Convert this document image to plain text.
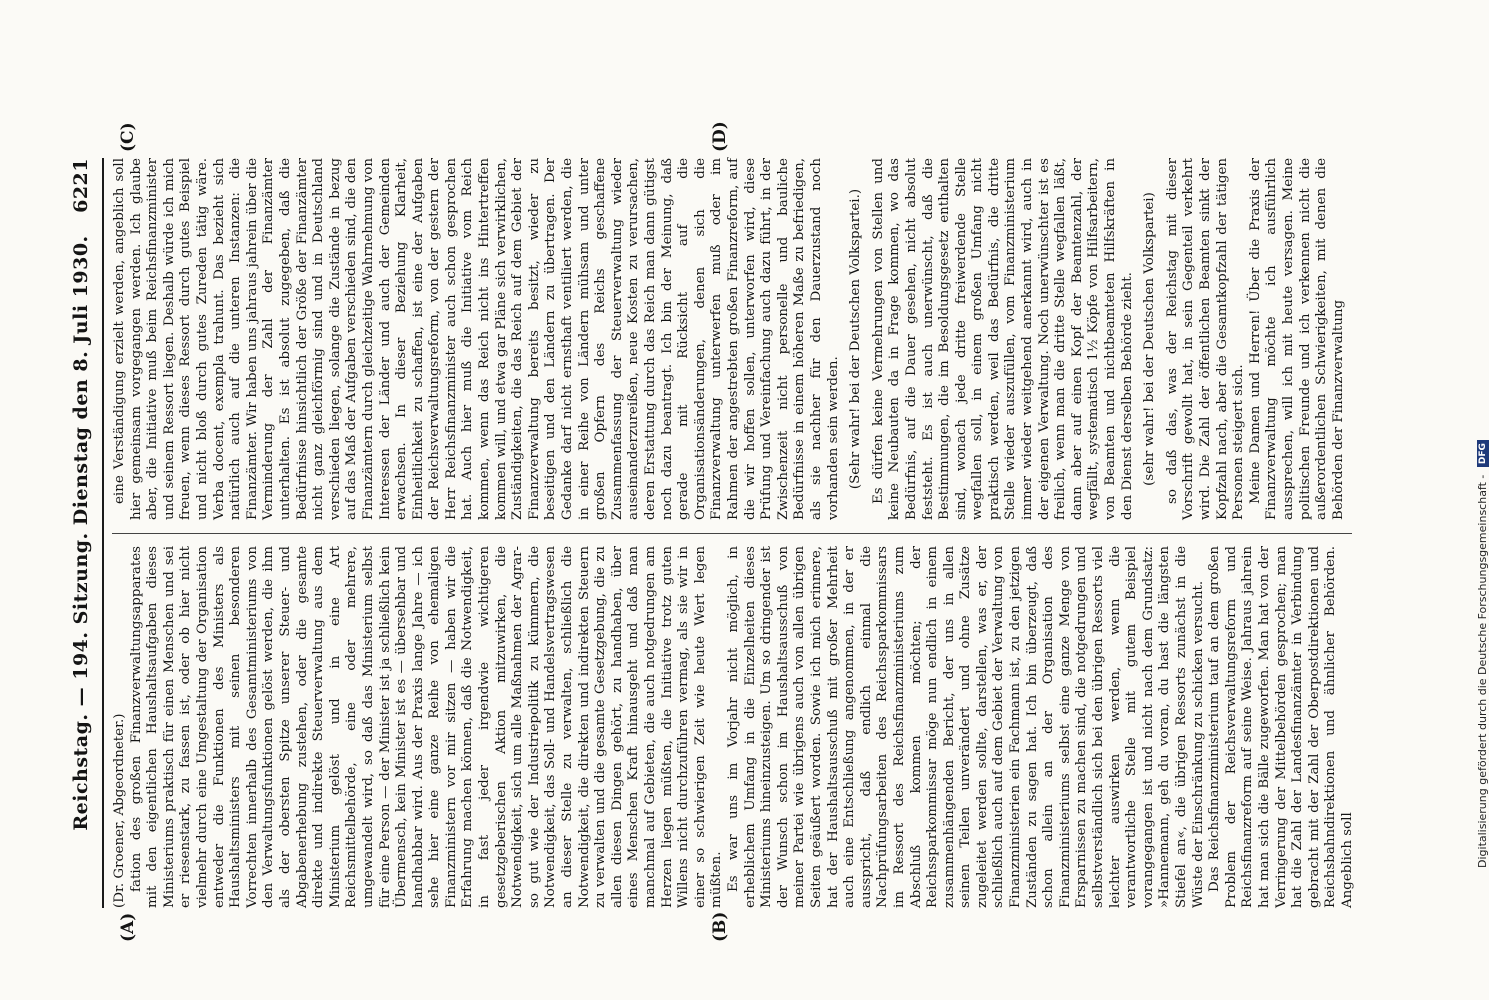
Reichstag. — 194. Sitzung. Dienstag den 8. Juli 1930.
6221
(A)	(B)
(C)	(D)

(Dr. Groener, Abgeordneter.) fation des großen Finanzverwaltungsapparates mit den eigentlichen Haushaltsaufgaben dieses Ministeriums praktisch für einen Menschen und sei er riesenstark, zu fassen ist, oder ob hier nicht vielmehr durch eine Umgestaltung der Organisation entweder die Funktionen des Ministers als Haushaltsministers mit seinen besonderen Vorrechten innerhalb des Gesamtministeriums von den Verwaltungsfunktionen gelöst werden, die ihm als der obersten Spitze unserer Steuer- und Abgabenerhebung zustehen, oder die gesamte direkte und indirekte Steuerverwaltung aus dem Ministerium gelöst und in eine Art Reichsmittelbehörde, eine oder mehrere, umgewandelt wird, so daß das Ministerium selbst für eine Person — der Minister ist ja schließlich kein Übermensch, kein Minister ist es — übersehbar und handhabbar wird. Aus der Praxis lange Jahre — ich sehe hier eine ganze Reihe von ehemaligen Finanzministern vor mir sitzen — haben wir die Erfahrung machen können, daß die Notwendigkeit, in fast jeder irgendwie wichtigeren gesetzgeberischen Aktion mitzuwirken, die Notwendigkeit, sich um alle Maßnahmen der Agrar- so gut wie der Industriepolitik zu kümmern, die Notwendigkeit, das Soll- und Handelsvertragswesen an dieser Stelle zu verwalten, schließlich die Notwendigkeit, die direkten und indirekten Steuern zu verwalten und die gesamte Gesetzgebung, die zu allen diesen Dingen gehört, zu handhaben, über eines Menschen Kraft hinausgeht und daß man manchmal auf Gebieten, die auch notgedrungen am Herzen liegen müßten, die Initiative trotz guten Willens nicht durchzuführen vermag, als sie wir in einer so schwierigen Zeit wie heute Wert legen müßten. Es war uns im Vorjahr nicht möglich, in erheblichem Umfang in die Einzelheiten dieses Ministeriums hineinzusteigen. Um so dringender ist der Wunsch schon im Haushaltsausschuß von meiner Partei wie übrigens auch von allen übrigen Seiten geäußert worden. Sowie ich mich erinnere, hat der Haushaltsausschuß mit großer Mehrheit auch eine Entschließung angenommen, in der er ausspricht, daß endlich einmal die Nachprüfungsarbeiten des Reichssparkommissars im Ressort des Reichsfinanzministeriums zum Abschluß kommen möchten; der Reichssparkommissar möge nun endlich in einem zusammenhängenden Bericht, der uns in allen seinen Teilen unverändert und ohne Zusätze zugeleitet werden sollte, darstellen, was er, der schließlich auch auf dem Gebiet der Verwaltung von Finanzministerien ein Fachmann ist, zu den jetzigen Zuständen zu sagen hat. Ich bin überzeugt, daß schon allein an der Organisation des Finanzministeriums selbst eine ganze Menge von Ersparnissen zu machen sind, die notgedrungen und selbstverständlich sich bei den übrigen Ressorts viel leichter auswirken werden, wenn die verantwortliche Stelle mit gutem Beispiel vorangegangen ist und nicht nach dem Grundsatz: »Hannemann, geh du voran, du hast die längsten Stiefel an«, die übrigen Ressorts zunächst in die Wüste der Einschränkung zu schicken versucht. Das Reichsfinanzministerium tauf an dem großen Problem der Reichsverwaltungsreform und Reichsfinanzreform auf seine Weise. Jahraus jahrein hat man sich die Bälle zugeworfen. Man hat von der Verringerung der Mittelbehörden gesprochen; man hat die Zahl der Landesfinanzämter in Verbindung gebracht mit der Zahl der Oberpostdirektionen und Reichsbahndirektionen und ähnlicher Behörden. Angeblich soll

eine Verständigung erzielt werden, angeblich soll hier gemeinsam vorgegangen werden. Ich glaube aber, die Initiative muß beim Reichsfinanzminister und seinem Ressort liegen. Deshalb würde ich mich freuen, wenn dieses Ressort durch gutes Beispiel und nicht bloß durch gutes Zureden tätig wäre. Verba docent, exempla trahunt. Das bezieht sich natürlich auch auf die unteren Instanzen: die Finanzämter. Wir haben uns jahraus jahrein über die Verminderung der Zahl der Finanzämter unterhalten. Es ist absolut zugegeben, daß die Bedürfnisse hinsichtlich der Größe der Finanzämter nicht ganz gleichförmig sind und in Deutschland verschieden liegen, solange die Zustände in bezug auf das Maß der Aufgaben verschieden sind, die den Finanzämtern durch gleichzeitige Wahrnehmung von Interessen der Länder und auch der Gemeinden erwachsen. In dieser Beziehung Klarheit, Einheitlichkeit zu schaffen, ist eine der Aufgaben der Reichsverwaltungsreform, von der gestern der Herr Reichsfinanzminister auch schon gesprochen hat. Auch hier muß die Initiative vom Reich kommen, wenn das Reich nicht ins Hintertreffen kommen will, und etwa gar Pläne sich verwirklichen, Zuständigkeiten, die das Reich auf dem Gebiet der Finanzverwaltung bereits besitzt, wieder zu beseitigen und den Ländern zu übertragen. Der Gedanke darf nicht ernsthaft ventiliert werden, die in einer Reihe von Ländern mühsam und unter großen Opfern des Reichs geschaffene Zusammenfassung der Steuerverwaltung wieder auseinanderzureißen, neue Kosten zu verursachen, deren Erstattung durch das Reich man dann gütigst noch dazu beantragt. Ich bin der Meinung, daß gerade mit Rücksicht auf die Organisationsänderungen, denen sich die Finanzverwaltung unterwerfen muß oder im Rahmen der angestrebten großen Finanzreform, auf die wir hoffen sollen, unterworfen wird, diese Prüfung und Vereinfachung auch dazu führt, in der Zwischenzeit nicht personelle und bauliche Bedürfnisse in einem höheren Maße zu befriedigen, als sie nachher für den Dauerzustand noch vorhanden sein werden. (Sehr wahr! bei der Deutschen Volkspartei.) Es dürfen keine Vermehrungen von Stellen und keine Neubauten da in Frage kommen, wo das Bedürfnis, auf die Dauer gesehen, nicht absolut feststeht. Es ist auch unerwünscht, daß die Bestimmungen, die im Besoldungsgesetz enthalten sind, wonach jede dritte freiwerdende Stelle wegfallen soll, in einem großen Umfang nicht praktisch werden, weil das Bedürfnis, die dritte Stelle wieder auszufüllen, vom Finanzministerium immer wieder weitgehend anerkannt wird, auch in der eigenen Verwaltung. Noch unerwünschter ist es freilich, wenn man die dritte Stelle wegfallen läßt, dann aber auf einen Kopf der Beamtenzahl, der wegfällt, systematisch 1½ Köpfe von Hilfsarbeitern, von Beamten und nichtbeamteten Hilfskräften in den Dienst derselben Behörde zieht. (sehr wahr! bei der Deutschen Volkspartei) so daß das, was der Reichstag mit dieser Vorschrift gewollt hat, in sein Gegenteil verkehrt wird. Die Zahl der öffentlichen Beamten sinkt der Kopfzahl nach, aber die Gesamtkopfzahl der tätigen Personen steigert sich. Meine Damen und Herren! Über die Praxis der Finanzverwaltung möchte ich ausführlich aussprechen, will ich mit heute versagen. Meine politischen Freunde und ich verkennen nicht die außerordentlichen Schwierigkeiten, mit denen die Behörden der Finanzverwaltung

Digitalisierung gefördert durch die Deutsche Forschungsgemeinschaft - DFG
